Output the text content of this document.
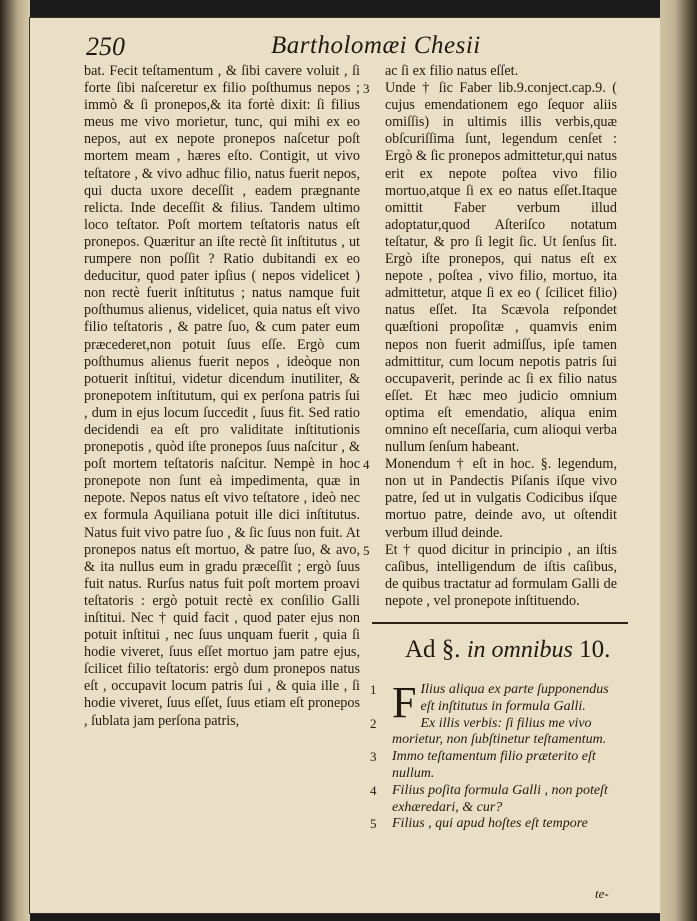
250	Bartholomæi Chesii

bat. Fecit teſtamentum , & ſibi cavere voluit , ſi forte ſibi naſceretur ex filio poſthumus nepos ; immò & ſi pronepos,& ita fortè dixit: ſi filius meus me vivo morietur, tunc, qui mihi ex eo nepos, aut ex nepote pronepos naſcetur poſt mortem meam , hæres eſto. Contigit, ut vivo teſtatore , & vivo adhuc filio, natus fuerit nepos, qui ducta uxore deceſſit , eadem prægnante relicta. Inde deceſſit & filius. Tandem ultimo loco teſtator. Poſt mortem teſtatoris natus eſt pronepos. Quæritur an iſte rectè ſit inſtitutus , ut rumpere non poſſit ? Ratio dubitandi ex eo deducitur, quod pater ipſius ( nepos videlicet ) non rectè fuerit inſtitutus ; natus namque fuit poſthumus alienus, videlicet, quia natus eſt vivo filio teſtatoris , & patre ſuo, & cum pater eum præcederet,non potuit ſuus eſſe. Ergò cum poſthumus alienus fuerit nepos , ideòque non potuerit inſtitui, videtur dicendum inutiliter, & pronepotem inſtitutum, qui ex perſona patris ſui , dum in ejus locum ſuccedit , ſuus fit. Sed ratio decidendi ea eſt pro validitate inſtitutionis pronepotis , quòd iſte pronepos ſuus naſcitur , & poſt mortem teſtatoris naſcitur. Nempè in hoc pronepote non ſunt eà impedimenta, quæ in nepote. Nepos natus eſt vivo teſtatore , ideò nec ex formula Aquiliana potuit ille dici inſtitutus. Natus fuit vivo patre ſuo , & ſic ſuus non fuit. At pronepos natus eſt mortuo, & patre ſuo, & avo, & ita nullus eum in gradu præceſſit ; ergò ſuus fuit natus. Rurſus natus fuit poſt mortem proavi teſtatoris : ergò potuit rectè ex conſilio Galli inſtitui. Nec † quid facit , quod pater ejus non potuit inſtitui , nec ſuus unquam fuerit , quia ſi hodie viveret, ſuus eſſet mortuo jam patre ejus, ſcilicet filio teſtatoris: ergò dum pronepos natus eſt , occupavit locum patris ſui , & quia ille , ſi hodie viveret, ſuus eſſet, ſuus etiam eſt pronepos , ſublata jam perſona patris,

ac ſi ex filio natus eſſet.
3 Unde † ſic Faber lib.9.conject.cap.9. ( cujus emendationem ego ſequor aliis omiſſis) in ultimis illis verbis,quæ obſcuriſſima ſunt, legendum cenſet : Ergò & ſic pronepos admittetur,qui natus erit ex nepote poſtea vivo filio mortuo,atque ſi ex eo natus eſſet.Itaque omittit Faber verbum illud adoptatur,quod Aſteriſco notatum teſtatur, & pro ſi legit ſic. Ut ſenſus ſit. Ergò iſte pronepos, qui natus eſt ex nepote , poſtea , vivo filio, mortuo, ita admittetur, atque ſi ex eo ( ſcilicet filio) natus eſſet. Ita Scævola reſpondet quæſtioni propoſitæ , quamvis enim nepos non fuerit admiſſus, ipſe tamen admittitur, cum locum nepotis patris ſui occupaverit, perinde ac ſi ex filio natus eſſet. Et hæc meo judicio omnium optima eſt emendatio, aliqua enim omnino eſt neceſſaria, cum alioqui verba nullum ſenſum habeant.
4 Monendum † eſt in hoc. §. legendum, non ut in Pandectis Piſanis iſque vivo patre, ſed ut in vulgatis Codicibus iſque mortuo patre, deinde avo, ut oſtendit verbum illud deinde.
5 Et † quod dicitur in principio , an iſtis caſibus, intelligendum de iſtis caſibus, de quibus tractatur ad formulam Galli de nepote , vel pronepote inſtituendo.
Ad §. in omnibus 10.

1 F Ilius aliqua ex parte ſupponendus eſt inſtitutus in formula Galli.

2	Ex illis verbis: ſi filius me vivo morietur, non ſubſtinetur teſtamentum.

3 Immo teſtamentum filio præterito eſt nullum.

4 Filius poſita formula Galli , non poteſt exhæredari, & cur?

5 Filius , qui apud hoſtes eſt tempore

te-
